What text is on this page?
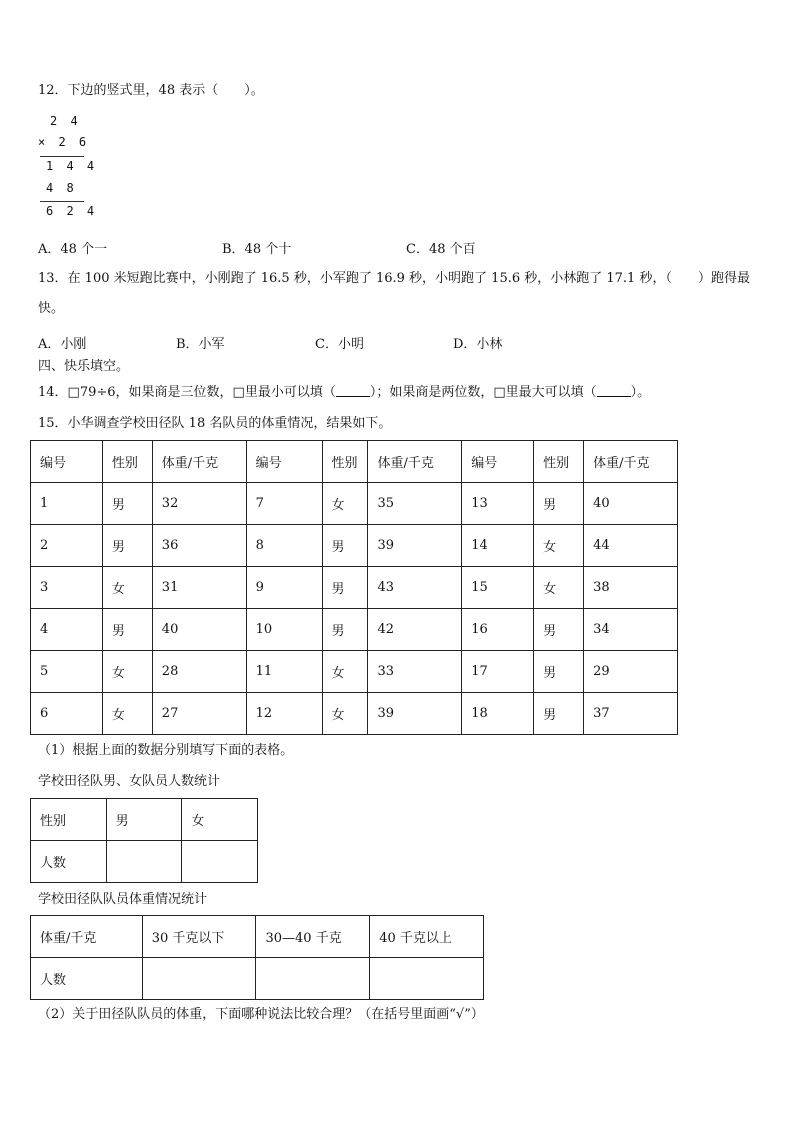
12．下边的竖式里，48 表示（　　）。
2 4
× 2 6
1 4 4
4 8
6 2 4
A．48 个一	B．48 个十	C．48 个百
13．在 100 米短跑比赛中，小刚跑了 16.5 秒，小军跑了 16.9 秒，小明跑了 15.6 秒，小林跑了 17.1 秒，（　　）跑得最
快。
A．小刚	B．小军	C．小明	D．小林
四、快乐填空。
14．□79÷6，如果商是三位数，□里最小可以填（	）；如果商是两位数，□里最大可以填（	）。
15．小华调查学校田径队 18 名队员的体重情况，结果如下。
编号	性别	体重/千克	编号	性别	体重/千克	编号	性别	体重/千克
1	男	32	7	女	35	13	男	40
2	男	36	8	男	39	14	女	44
3	女	31	9	男	43	15	女	38
4	男	40	10	男	42	16	男	34
5	女	28	11	女	33	17	男	29
6	女	27	12	女	39	18	男	37
（1）根据上面的数据分别填写下面的表格。
学校田径队男、女队员人数统计
性别	男	女
人数		
学校田径队队员体重情况统计
体重/千克	30 千克以下	30—40 千克	40 千克以上
人数			
（2）关于田径队队员的体重，下面哪种说法比较合理？（在括号里面画“√”）
